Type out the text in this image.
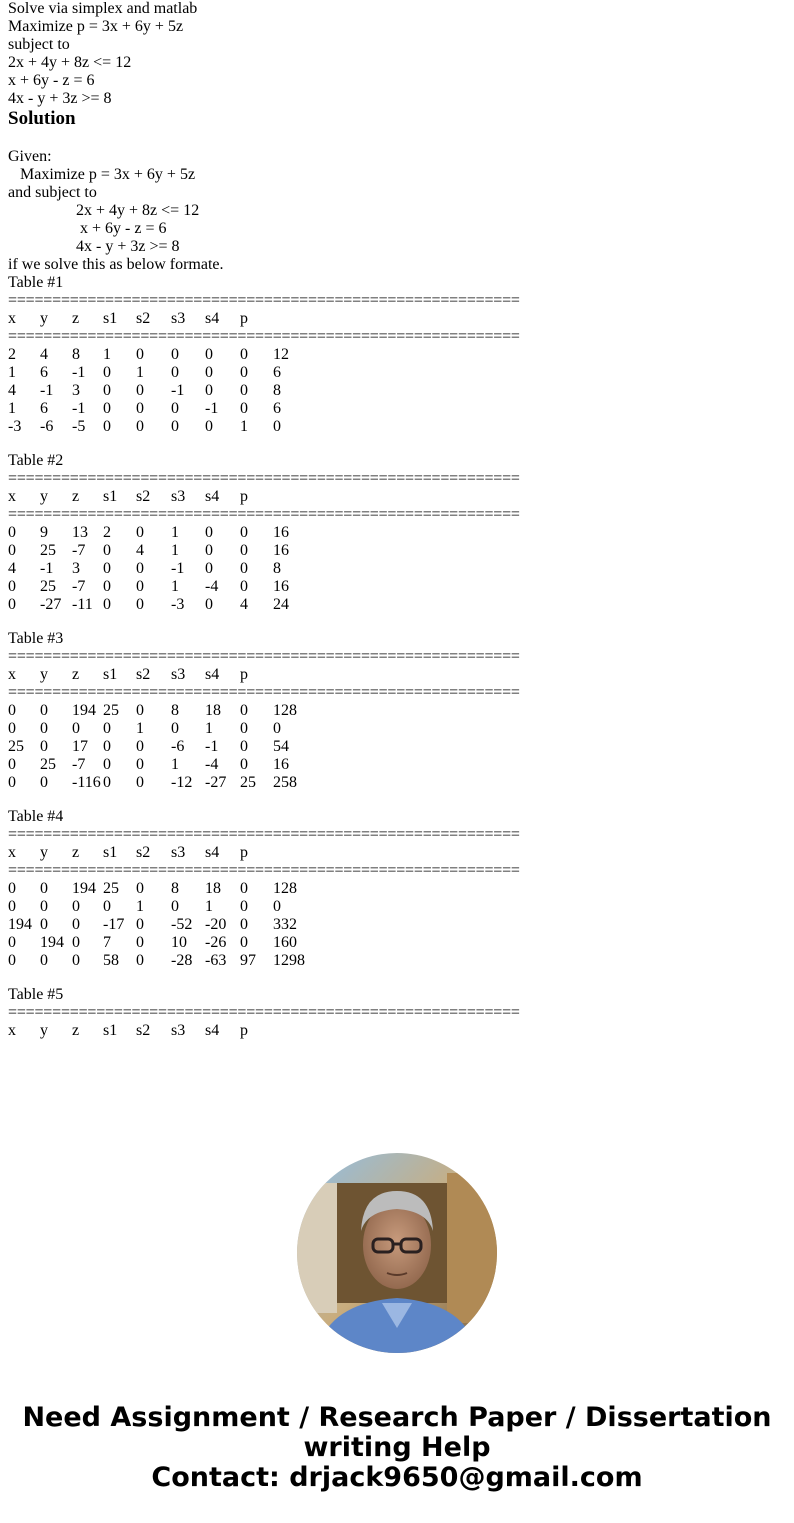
Solve via simplex and matlab

Maximize p = 3x + 6y + 5z
subject to
2x + 4y + 8z <= 12
x + 6y - z = 6
4x - y + 3z >= 8

Solution

Given:

Maximize p = 3x + 6y + 5z
and subject to
2x + 4y + 8z <= 12
x + 6y - z = 6
4x - y + 3z >= 8

if we solve this as below formate.

Table #1
==========================================================
x y z s1 s2 s3 s4 p
==========================================================
2 4 8 1 0 0 0 0 12
1 6 -1 0 1 0 0 0 6
4 -1 3 0 0 -1 0 0 8
1 6 -1 0 0 0 -1 0 6
-3 -6 -5 0 0 0 0 1 0
Table #2
==========================================================
x y z s1 s2 s3 s4 p
==========================================================
0 9 13 2 0 1 0 0 16
0 25 -7 0 4 1 0 0 16
4 -1 3 0 0 -1 0 0 8
0 25 -7 0 0 1 -4 0 16
0 -27 -11 0 0 -3 0 4 24
Table #3
==========================================================
x y z s1 s2 s3 s4 p
==========================================================
0 0 194 25 0 8 18 0 128
0 0 0 0 1 0 1 0 0
25 0 17 0 0 -6 -1 0 54
0 25 -7 0 0 1 -4 0 16
0 0 -116 0 0 -12 -27 25 258
Table #4
==========================================================
x y z s1 s2 s3 s4 p
==========================================================
0 0 194 25 0 8 18 0 128
0 0 0 0 1 0 1 0 0
194 0 0 -17 0 -52 -20 0 332
0 194 0 7 0 10 -26 0 160
0 0 0 58 0 -28 -63 97 1298
Table #5
==========================================================
x y z s1 s2 s3 s4 p
Need Assignment / Research Paper / Dissertation
writing Help
Contact: drjack9650@gmail.com
